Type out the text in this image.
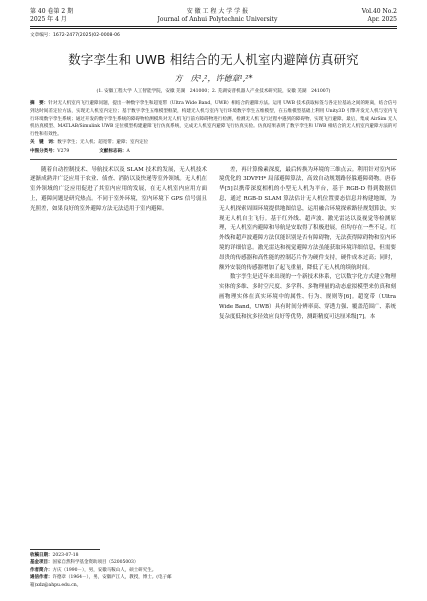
第 40 卷第 2 期
2025 年 4 月
安 徽 工 程 大 学 学 报
Journal of Anhui Polytechnic University
Vol.40 No.2
Apr. 2025
文章编号：1672-2477(2025)02-0008-06
数字孪生和 UWB 相结合的无人机室内避障仿真研究
方　庆¹,²，许德章¹,²*
(1. 安徽工程大学 人工智能学院，安徽 芜湖　241000；2. 芜湖安普机器人产业技术研究院，安徽 芜湖　241007)
摘　要：针对无人机室内飞行避障问题，提出一种数字孪生和超宽带（Ultra Wide Band，UWB）相结合的避障方法。运用 UWB 技术获取标签与各定位基站之间的距离，结合信号到达时间差定位方法，实现无人机室内定位；基于数字孪生五维模型框架，构建无人机与室内飞行环境数字孪生五维模型，在五维模型基础上利用 Unity3D 引擎开发无人机与室内飞行环境数字孪生系统；通过开发的数字孪生系统的障碍物检测模块对无人机飞行前方障碍物进行检测，检测无人机飞行过程中遇到的障碍物，实现飞行避障。最后，集成 AirSim 无人机仿真模型、MATLAB/Simulink UWB 定位模型构建避障飞行仿真系统，完成无人机室内避障飞行仿真实验。仿真结果表明了数字孪生和 UWB 相结合的无人机室内避障方法的可行性和有效性。
关　键　词：数字孪生；无人机；超宽带；避障；室内定位
中图分类号：V279	文献标志码：A

随着自动控制技术、导航技术以及 SLAM 技术的发展，无人机技术逐渐成熟并广泛应用于农业、侦查、消防以及快递等室外领域。无人机在室外领域的广泛应用促进了其室内应用的发展，在无人机室内应用方面上，避障问题是研究热点。不同于室外环境，室内环境下 GPS 信号弱且光照差，如果良好的室外避障方法无法适用于室内避障。

差，再计算像素深度，最后转换为环境的三维点云。利用针对室内环境优化的 3DVFH* 局部避障算法，高效自动规划路径躲避障碍物。唐春华[5]以携带深度相机的小型无人机为平台，基于 RGB-D 得到数据信息，通过 RGB-D SLAM 算法估计无人机位置要态信息并构建地图，为无人机探索周围环境提供地图信息，运用融合环境探索路径规划算法，实现无人机自主飞行。基于红外线、超声波、激光雷达以及视觉等检测原理，无人机室内避障和导航是安取得了积极进展，但均存在一些不足。红外线和超声波避障方法仅能识别是否有障碍物，无法获得障碍物和室内环境的详细信息。激光雷达和视觉避障方法虽能获取环境详细信息，但需要昂贵的传感器和高性能的控制芯片作为硬件支持，硬件成本过高；同时，额外安装的传感器增加了起飞重量，降低了无人机的续航时间。

数字孪生是近年来出现的一个新技术体系，它以数字化方式建立物理实体的多维、多时空尺度、多学科、多物理量的动态虚拟模型来仿真和刻画物理实体在真实环境中的属性、行为、规则等[6]。超宽带（Ultra Wide Band，UWB）具有时间分辨率高、穿透力强、覆盖范围广、系统复杂度低和抗多径效应良好等优势，测距精度可达厘米级[7]。本

收稿日期：2023-07-18
基金项目：国家自然科学基金资助项目（52005003）
作者简介：方庆（1990－），男，安徽马鞍山人，硕士研究生。
通信作者：许德章（1964－），男，安徽庐江人，教授，博士。(电子邮箱)xdz@ahpu.edu.cn。
